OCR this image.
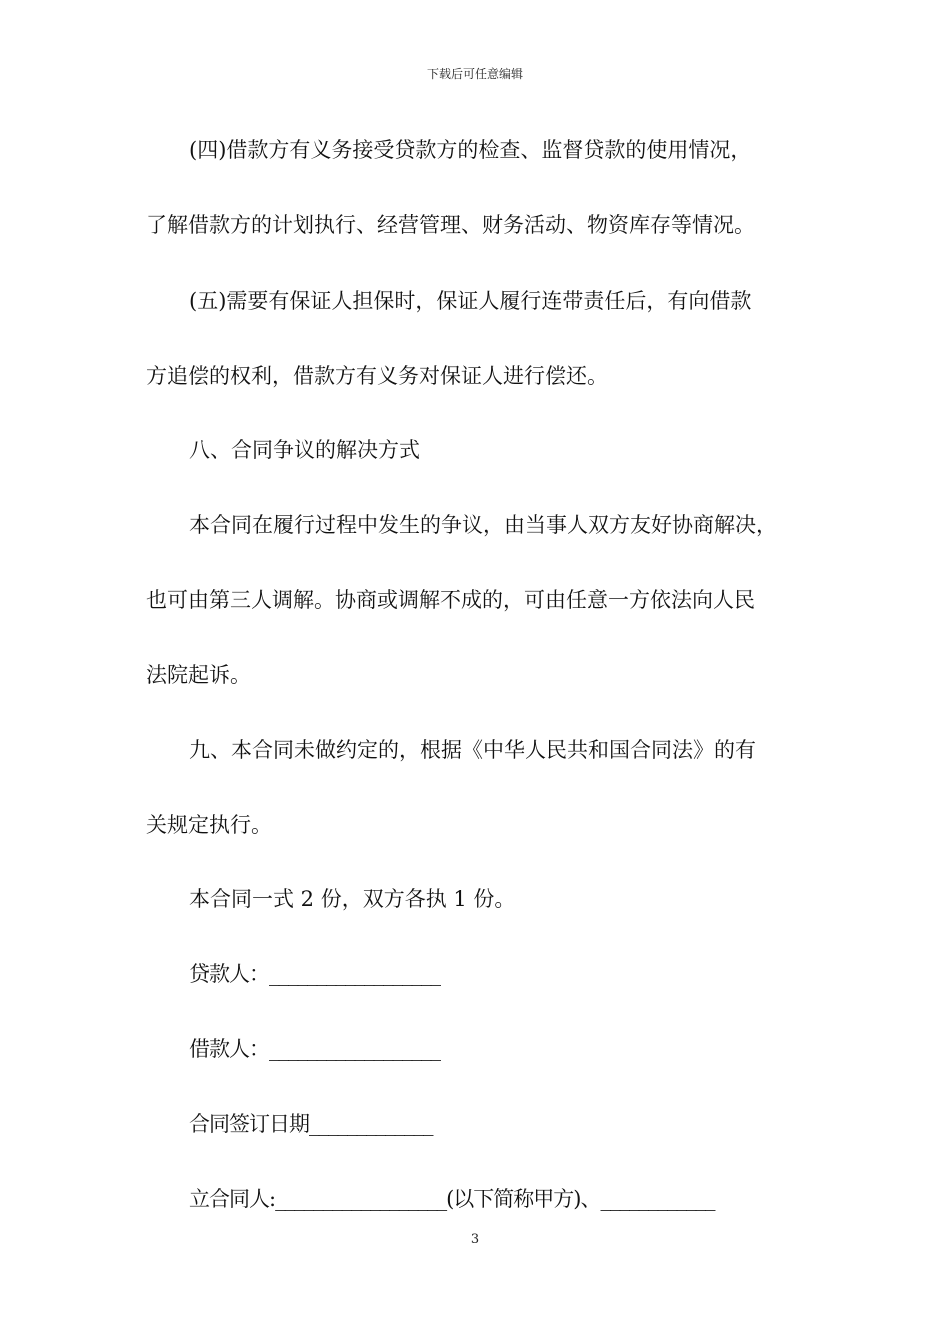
下载后可任意编辑
(四)借款方有义务接受贷款方的检查、监督贷款的使用情况，
了解借款方的计划执行、经营管理、财务活动、物资库存等情况。
(五)需要有保证人担保时，保证人履行连带责任后，有向借款
方追偿的权利，借款方有义务对保证人进行偿还。
八、合同争议的解决方式
本合同在履行过程中发生的争议，由当事人双方友好协商解决，
也可由第三人调解。协商或调解不成的，可由任意一方依法向人民
法院起诉。
九、本合同未做约定的，根据《中华人民共和国合同法》的有
关规定执行。
本合同一式 2 份，双方各执 1 份。
贷款人：__________________
借款人：__________________
合同签订日期_____________
立合同人:__________________(以下简称甲方)、____________
3
